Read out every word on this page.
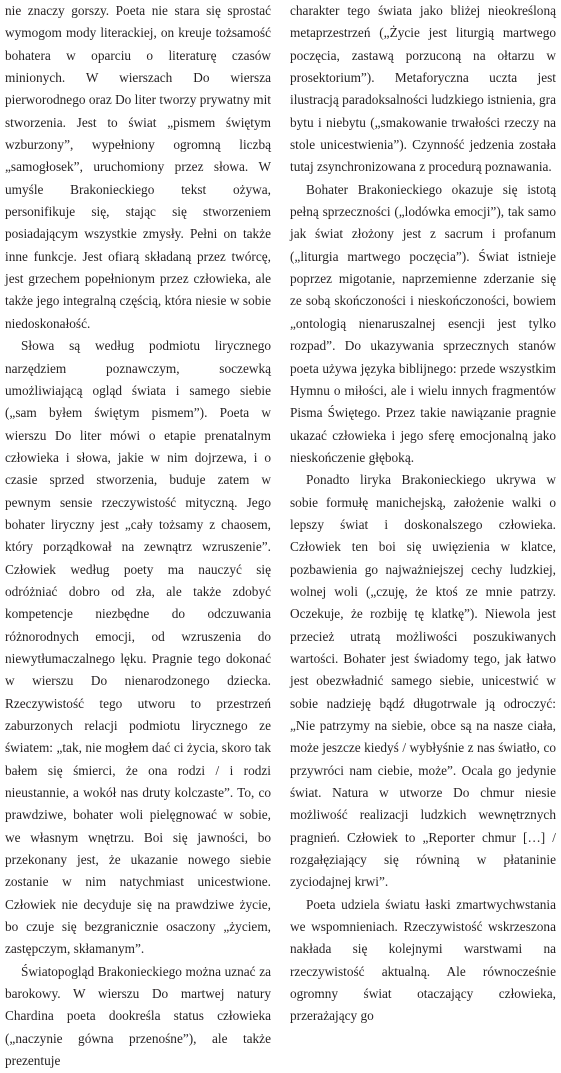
nie znaczy gorszy. Poeta nie stara się sprostać wymogom mody literackiej, on kreuje tożsamość bohatera w oparciu o literaturę czasów minionych. W wierszach Do wiersza pierworodnego oraz Do liter tworzy prywatny mit stworzenia. Jest to świat „pismem świętym wzburzony”, wypełniony ogromną liczbą „samogłosek”, uruchomiony przez słowa. W umyśle Brakonieckiego tekst ożywa, personifikuje się, stając się stworzeniem posiadającym wszystkie zmysły. Pełni on także inne funkcje. Jest ofiarą składaną przez twórcę, jest grzechem popełnionym przez człowieka, ale także jego integralną częścią, która niesie w sobie niedoskonałość.

Słowa są według podmiotu lirycznego narzędziem poznawczym, soczewką umożliwiającą ogląd świata i samego siebie („sam byłem świętym pismem”). Poeta w wierszu Do liter mówi o etapie prenatalnym człowieka i słowa, jakie w nim dojrzewa, i o czasie sprzed stworzenia, buduje zatem w pewnym sensie rzeczywistość mityczną. Jego bohater liryczny jest „cały tożsamy z chaosem, który porządkował na zewnątrz wzruszenie”. Człowiek według poety ma nauczyć się odróżniać dobro od zła, ale także zdobyć kompetencje niezbędne do odczuwania różnorodnych emocji, od wzruszenia do niewytłumaczalnego lęku. Pragnie tego dokonać w wierszu Do nienarodzonego dziecka. Rzeczywistość tego utworu to przestrzeń zaburzonych relacji podmiotu lirycznego ze światem: „tak, nie mogłem dać ci życia, skoro tak bałem się śmierci, że ona rodzi / i rodzi nieustannie, a wokół nas druty kolczaste”. To, co prawdziwe, bohater woli pielęgnować w sobie, we własnym wnętrzu. Boi się jawności, bo przekonany jest, że ukazanie nowego siebie zostanie w nim natychmiast unicestwione. Człowiek nie decyduje się na prawdziwe życie, bo czuje się bezgranicznie osaczony „życiem, zastępczym, skłamanym”.

Światopogląd Brakonieckiego można uznać za barokowy. W wierszu Do martwej natury Chardina poeta dookreśla status człowieka („naczynie gówna przenośne”), ale także prezentuje

charakter tego świata jako bliżej nieokreśloną metaprzestrzeń („Życie jest liturgią martwego poczęcia, zastawą porzuconą na ołtarzu w prosektorium”). Metaforyczna uczta jest ilustracją paradoksalności ludzkiego istnienia, gra bytu i niebytu („smakowanie trwałości rzeczy na stole unicestwienia”). Czynność jedzenia została tutaj zsynchronizowana z procedurą poznawania.

Bohater Brakonieckiego okazuje się istotą pełną sprzeczności („lodówka emocji”), tak samo jak świat złożony jest z sacrum i profanum („liturgia martwego poczęcia”). Świat istnieje poprzez migotanie, naprzemienne zderzanie się ze sobą skończoności i nieskończoności, bowiem „ontologią nienaruszalnej esencji jest tylko rozpad”. Do ukazywania sprzecznych stanów poeta używa języka biblijnego: przede wszystkim Hymnu o miłości, ale i wielu innych fragmentów Pisma Świętego. Przez takie nawiązanie pragnie ukazać człowieka i jego sferę emocjonalną jako nieskończenie głęboką.

Ponadto liryka Brakonieckiego ukrywa w sobie formułę manichejską, założenie walki o lepszy świat i doskonalszego człowieka. Człowiek ten boi się uwięzienia w klatce, pozbawienia go najważniejszej cechy ludzkiej, wolnej woli („czuję, że ktoś ze mnie patrzy. Oczekuje, że rozbiję tę klatkę”). Niewola jest przecież utratą możliwości poszukiwanych wartości. Bohater jest świadomy tego, jak łatwo jest obezwładnić samego siebie, unicestwić w sobie nadzieję bądź długotrwale ją odroczyć: „Nie patrzymy na siebie, obce są na nasze ciała, może jeszcze kiedyś / wybłyśnie z nas światło, co przywróci nam ciebie, może”. Ocala go jedynie świat. Natura w utworze Do chmur niesie możliwość realizacji ludzkich wewnętrznych pragnień. Człowiek to „Reporter chmur […] / rozgałęziający się równiną w płataninie zyciodajnej krwi”.

Poeta udziela światu łaski zmartwychwstania we wspomnieniach. Rzeczywistość wskrzeszona nakłada się kolejnymi warstwami na rzeczywistość aktualną. Ale równocześnie ogromny świat otaczający człowieka, przerażający go
